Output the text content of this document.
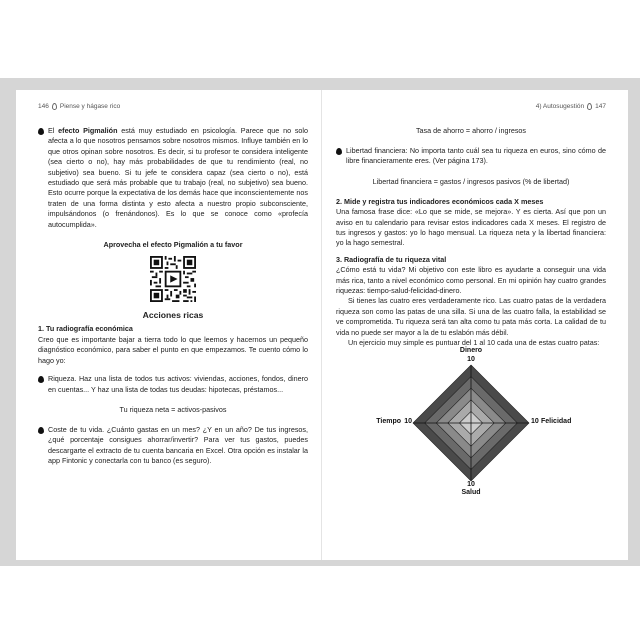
146 Piense y hágase rico

El efecto Pigmalión está muy estudiado en psicología. Parece que no solo afecta a lo que nosotros pensamos sobre nosotros mismos. Influye también en lo que otros opinan sobre nosotros. Es decir, si tu profesor te considera inteligente (sea cierto o no), hay más probabilidades de que tu rendimiento (real, no subjetivo) sea bueno. Si tu jefe te considera capaz (sea cierto o no), está estudiado que será más probable que tu trabajo (real, no subjetivo) sea bueno. Esto ocurre porque la expectativa de los demás hace que inconscientemente nos traten de una forma distinta y esto afecta a nuestro propio subconsciente, impulsándonos (o frenándonos). Es lo que se conoce como «profecía autocumplida».

Aprovecha el efecto Pigmalión a tu favor
Acciones ricas
1. Tu radiografía económica

Creo que es importante bajar a tierra todo lo que leemos y hacernos un pequeño diagnóstico económico, para saber el punto en que empezamos. Te cuento cómo lo hago yo:

Riqueza. Haz una lista de todos tus activos: viviendas, acciones, fondos, dinero en cuentas... Y haz una lista de todas tus deudas: hipotecas, préstamos...

Tu riqueza neta = activos-pasivos

Coste de tu vida. ¿Cuánto gastas en un mes? ¿Y en un año? De tus ingresos, ¿qué porcentaje consigues ahorrar/invertir? Para ver tus gastos, puedes descargarte el extracto de tu cuenta bancaria en Excel. Otra opción es instalar la app Fintonic y conectarla con tu banco (es seguro).

4) Autosugestión 147
Tasa de ahorro = ahorro / ingresos

Libertad financiera: No importa tanto cuál sea tu riqueza en euros, sino cómo de libre financieramente eres. (Ver página 173).

Libertad financiera = gastos / ingresos pasivos (% de libertad)
2. Mide y registra tus indicadores económicos cada X meses

Una famosa frase dice: «Lo que se mide, se mejora». Y es cierta. Así que pon un aviso en tu calendario para revisar estos indicadores cada X meses. El registro de tus ingresos y gastos: yo lo hago mensual. La riqueza neta y la libertad financiera: yo la hago semestral.

3. Radiografía de tu riqueza vital

¿Cómo está tu vida? Mi objetivo con este libro es ayudarte a conseguir una vida más rica, tanto a nivel económico como personal. En mi opinión hay cuatro grandes riquezas: tiempo-salud-felicidad-dinero.

Si tienes las cuatro eres verdaderamente rico. Las cuatro patas de la verdadera riqueza son como las patas de una silla. Si una de las cuatro falla, la estabilidad se ve comprometida. Tu riqueza será tan alta como tu pata más corta. La calidad de tu vida no puede ser mayor a la de tu eslabón más débil.

Un ejercicio muy simple es puntuar del 1 al 10 cada una de estas cuatro patas:

Dinero
10
10 Felicidad
10
Salud
Tiempo 10
